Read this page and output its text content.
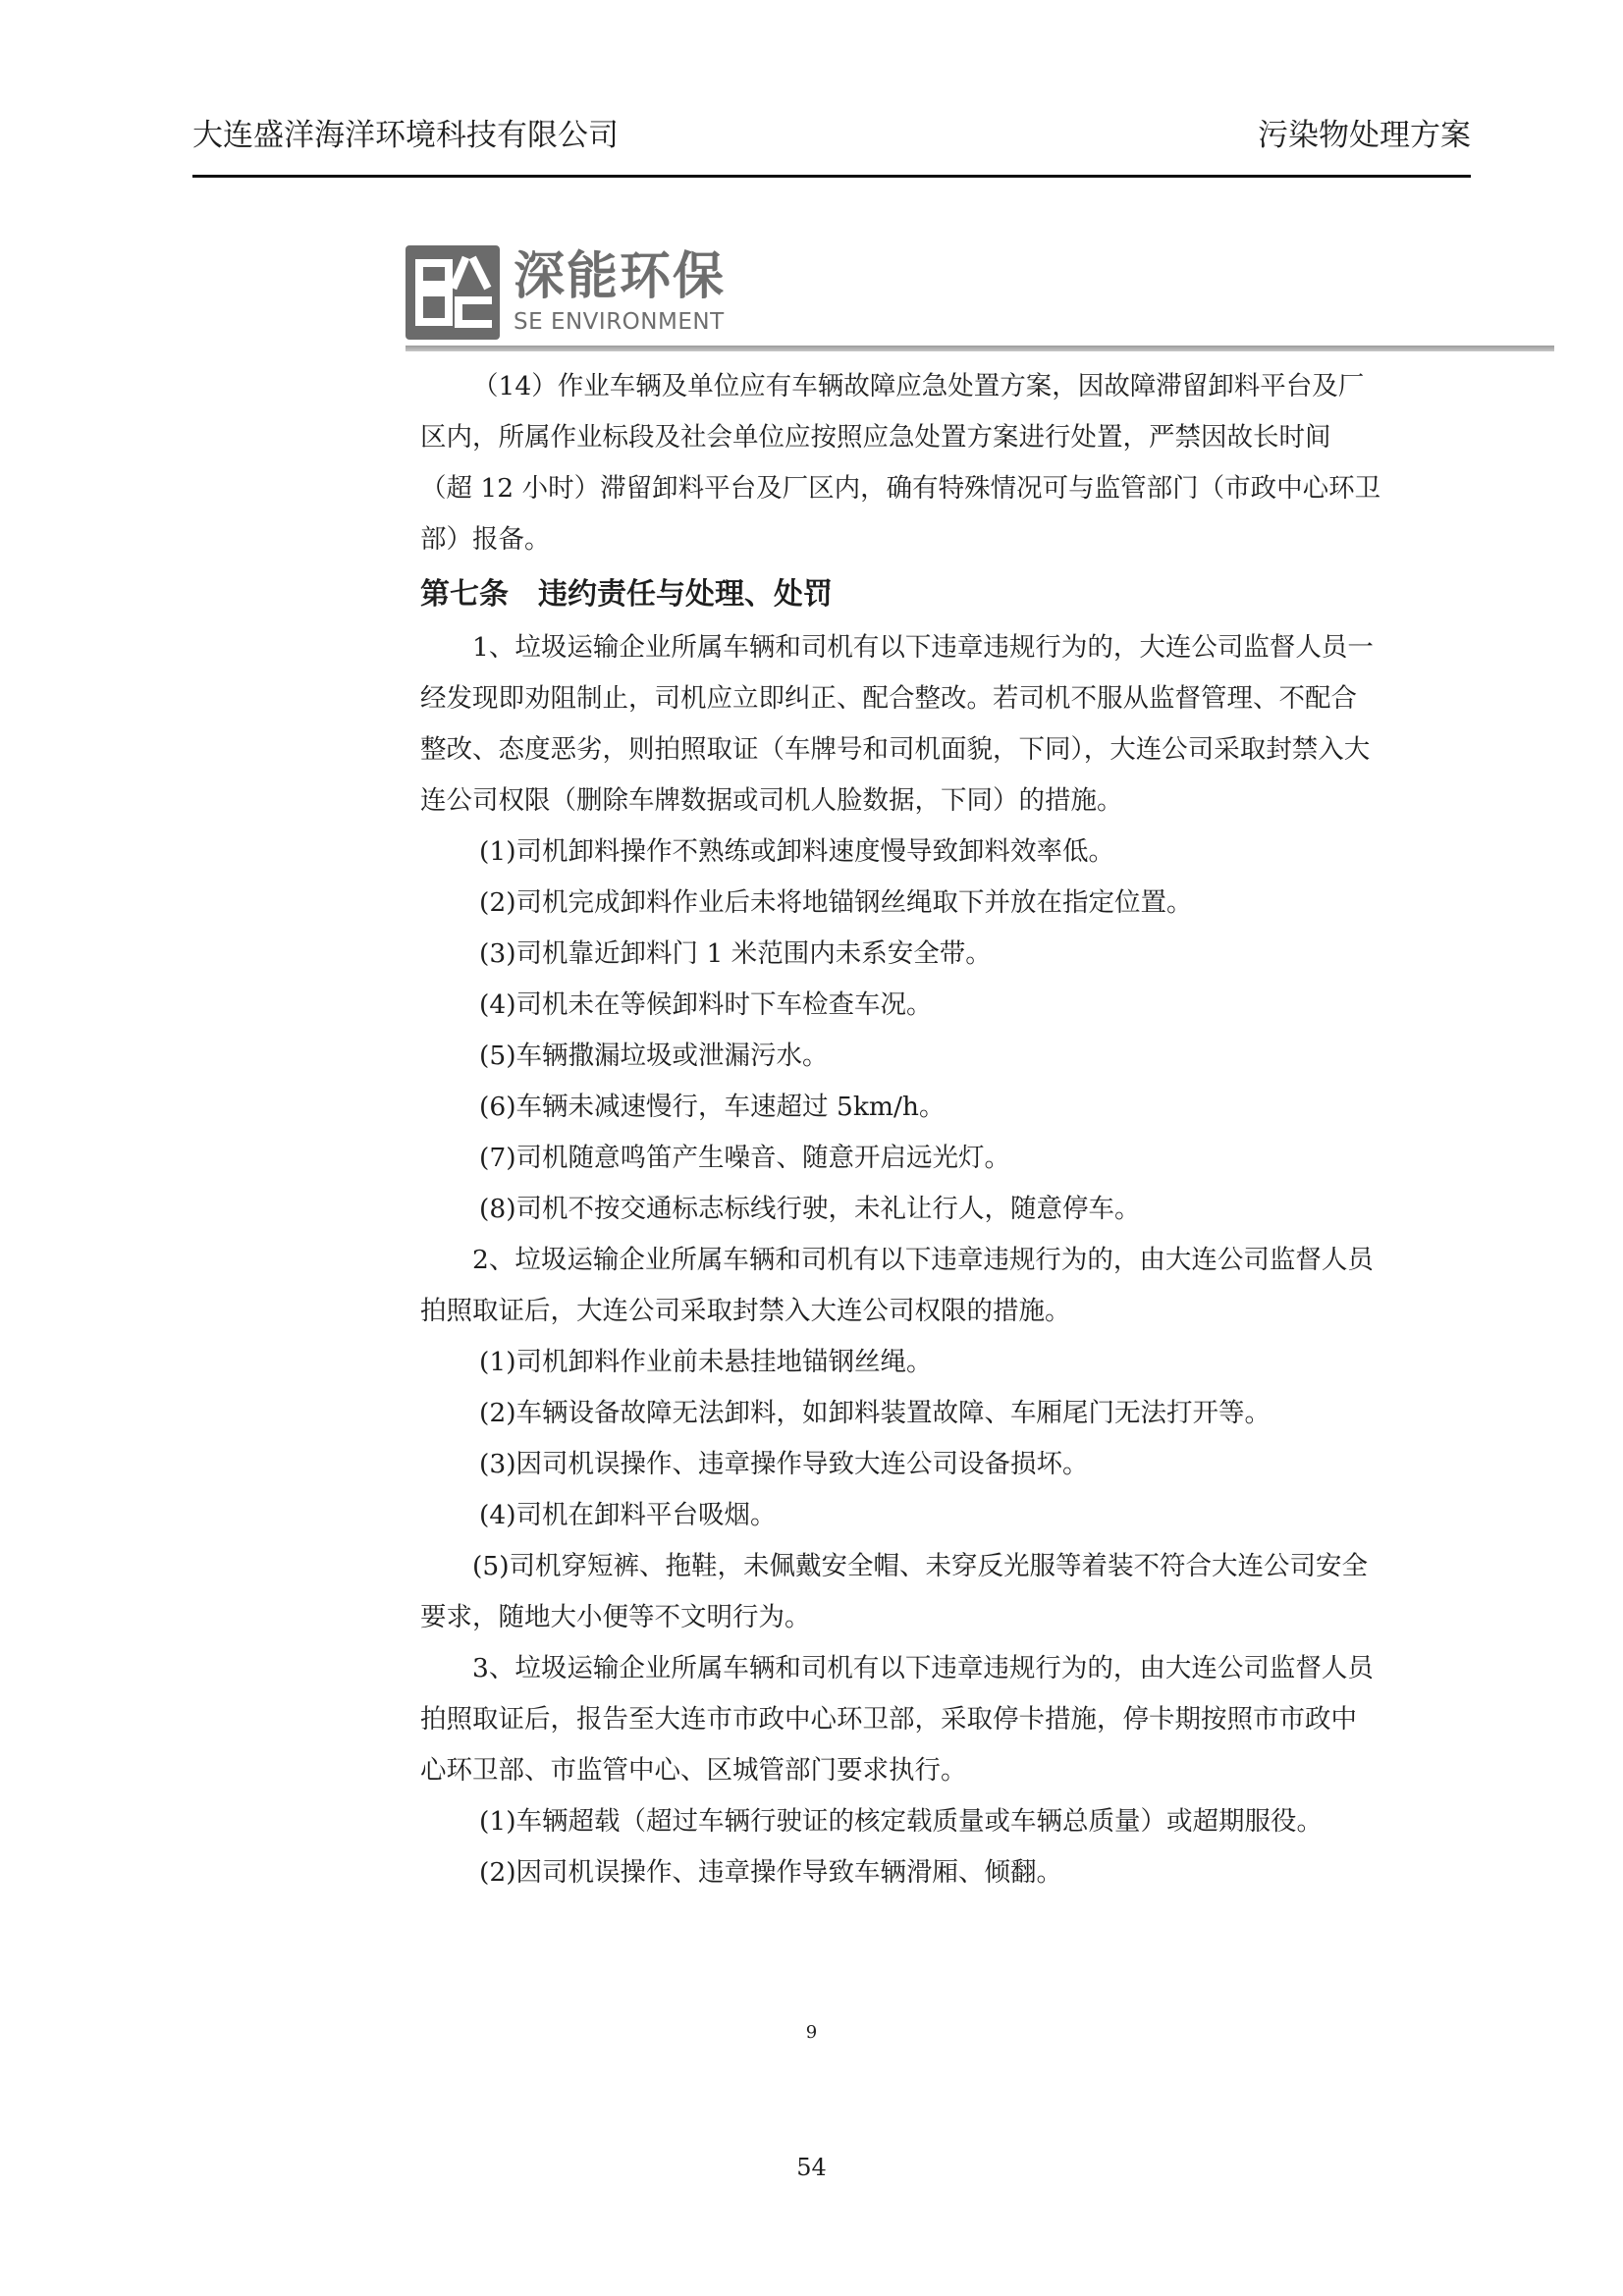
大连盛洋海洋环境科技有限公司	污染物处理方案
深能环保
SE ENVIRONMENT

（14）作业车辆及单位应有车辆故障应急处置方案，因故障滞留卸料平台及厂区内，所属作业标段及社会单位应按照应急处置方案进行处置，严禁因故长时间（超 12 小时）滞留卸料平台及厂区内，确有特殊情况可与监管部门（市政中心环卫部）报备。

第七条　违约责任与处理、处罚

1、垃圾运输企业所属车辆和司机有以下违章违规行为的，大连公司监督人员一经发现即劝阻制止，司机应立即纠正、配合整改。若司机不服从监督管理、不配合整改、态度恶劣，则拍照取证（车牌号和司机面貌，下同），大连公司采取封禁入大连公司权限（删除车牌数据或司机人脸数据，下同）的措施。

(1)司机卸料操作不熟练或卸料速度慢导致卸料效率低。

(2)司机完成卸料作业后未将地锚钢丝绳取下并放在指定位置。

(3)司机靠近卸料门 1 米范围内未系安全带。

(4)司机未在等候卸料时下车检查车况。

(5)车辆撒漏垃圾或泄漏污水。

(6)车辆未减速慢行，车速超过 5km/h。

(7)司机随意鸣笛产生噪音、随意开启远光灯。

(8)司机不按交通标志标线行驶，未礼让行人，随意停车。

2、垃圾运输企业所属车辆和司机有以下违章违规行为的，由大连公司监督人员拍照取证后，大连公司采取封禁入大连公司权限的措施。

(1)司机卸料作业前未悬挂地锚钢丝绳。

(2)车辆设备故障无法卸料，如卸料装置故障、车厢尾门无法打开等。

(3)因司机误操作、违章操作导致大连公司设备损坏。

(4)司机在卸料平台吸烟。

(5)司机穿短裤、拖鞋，未佩戴安全帽、未穿反光服等着装不符合大连公司安全要求，随地大小便等不文明行为。

3、垃圾运输企业所属车辆和司机有以下违章违规行为的，由大连公司监督人员拍照取证后，报告至大连市市政中心环卫部，采取停卡措施，停卡期按照市市政中心环卫部、市监管中心、区城管部门要求执行。

(1)车辆超载（超过车辆行驶证的核定载质量或车辆总质量）或超期服役。

(2)因司机误操作、违章操作导致车辆滑厢、倾翻。

9
54
